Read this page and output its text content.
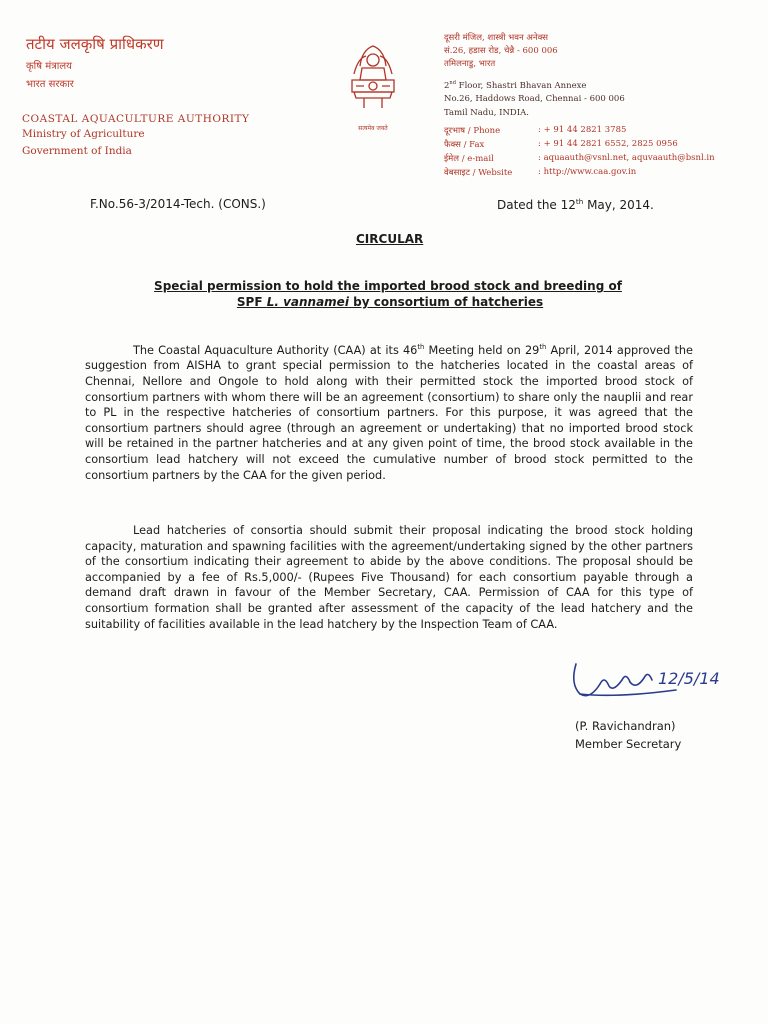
तटीय जलकृषि प्राधिकरण
कृषि मंत्रालय
भारत सरकार
COASTAL AQUACULTURE AUTHORITY
Ministry of Agriculture
Government of India
सत्यमेव जयते
दूसरी मंजिल, शास्त्री भवन अनेक्स
सं.26, हडास रोड, चेन्नै - 600 006
तमिलनाडु, भारत
2nd Floor, Shastri Bhavan Annexe
No.26, Haddows Road, Chennai - 600 006
Tamil Nadu, INDIA.
दूरभाष / Phone	: + 91 44 2821 3785
फैक्स / Fax	: + 91 44 2821 6552, 2825 0956
ईमेल / e-mail	: aquaauth@vsnl.net, aquvaauth@bsnl.in
वेबसाइट / Website	: http://www.caa.gov.in
F.No.56-3/2014-Tech. (CONS.)	Dated the 12th May, 2014.
CIRCULAR
Special permission to hold the imported brood stock and breeding of
SPF L. vannamei by consortium of hatcheries

The Coastal Aquaculture Authority (CAA) at its 46th Meeting held on 29th April, 2014 approved the suggestion from AISHA to grant special permission to the hatcheries located in the coastal areas of Chennai, Nellore and Ongole to hold along with their permitted stock the imported brood stock of consortium partners with whom there will be an agreement (consortium) to share only the nauplii and rear to PL in the respective hatcheries of consortium partners. For this purpose, it was agreed that the consortium partners should agree (through an agreement or undertaking) that no imported brood stock will be retained in the partner hatcheries and at any given point of time, the brood stock available in the consortium lead hatchery will not exceed the cumulative number of brood stock permitted to the consortium partners by the CAA for the given period.

Lead hatcheries of consortia should submit their proposal indicating the brood stock holding capacity, maturation and spawning facilities with the agreement/undertaking signed by the other partners of the consortium indicating their agreement to abide by the above conditions. The proposal should be accompanied by a fee of Rs.5,000/- (Rupees Five Thousand) for each consortium payable through a demand draft drawn in favour of the Member Secretary, CAA. Permission of CAA for this type of consortium formation shall be granted after assessment of the capacity of the lead hatchery and the suitability of facilities available in the lead hatchery by the Inspection Team of CAA.

12/5/14
(P. Ravichandran)
Member Secretary
